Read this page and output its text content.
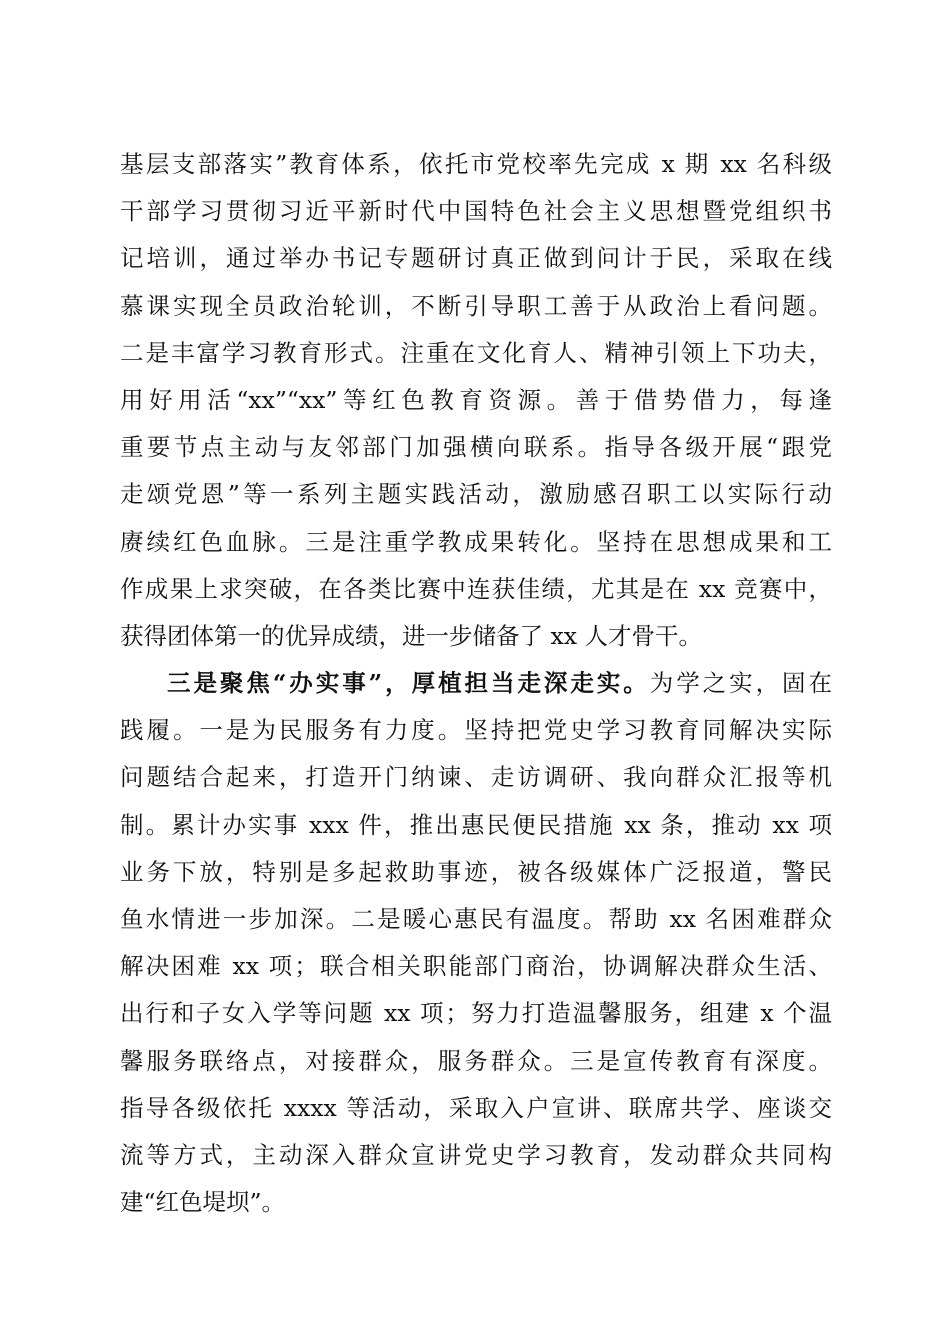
基层支部落实”教育体系，依托市党校率先完成 x 期 xx 名科级
干部学习贯彻习近平新时代中国特色社会主义思想暨党组织书
记培训，通过举办书记专题研讨真正做到问计于民，采取在线
慕课实现全员政治轮训，不断引导职工善于从政治上看问题。
二是丰富学习教育形式。注重在文化育人、精神引领上下功夫，
用好用活“xx”“xx”等红色教育资源。善于借势借力，每逢
重要节点主动与友邻部门加强横向联系。指导各级开展“跟党
走颂党恩”等一系列主题实践活动，激励感召职工以实际行动
赓续红色血脉。三是注重学教成果转化。坚持在思想成果和工
作成果上求突破，在各类比赛中连获佳绩，尤其是在 xx 竞赛中，
获得团体第一的优异成绩，进一步储备了 xx 人才骨干。
三是聚焦“办实事”，厚植担当走深走实。为学之实，固在
践履。一是为民服务有力度。坚持把党史学习教育同解决实际
问题结合起来，打造开门纳谏、走访调研、我向群众汇报等机
制。累计办实事 xxx 件，推出惠民便民措施 xx 条，推动 xx 项
业务下放，特别是多起救助事迹，被各级媒体广泛报道，警民
鱼水情进一步加深。二是暖心惠民有温度。帮助 xx 名困难群众
解决困难 xx 项；联合相关职能部门商治，协调解决群众生活、
出行和子女入学等问题 xx 项；努力打造温馨服务，组建 x 个温
馨服务联络点，对接群众，服务群众。三是宣传教育有深度。
指导各级依托 xxxx 等活动，采取入户宣讲、联席共学、座谈交
流等方式，主动深入群众宣讲党史学习教育，发动群众共同构
建“红色堤坝”。
